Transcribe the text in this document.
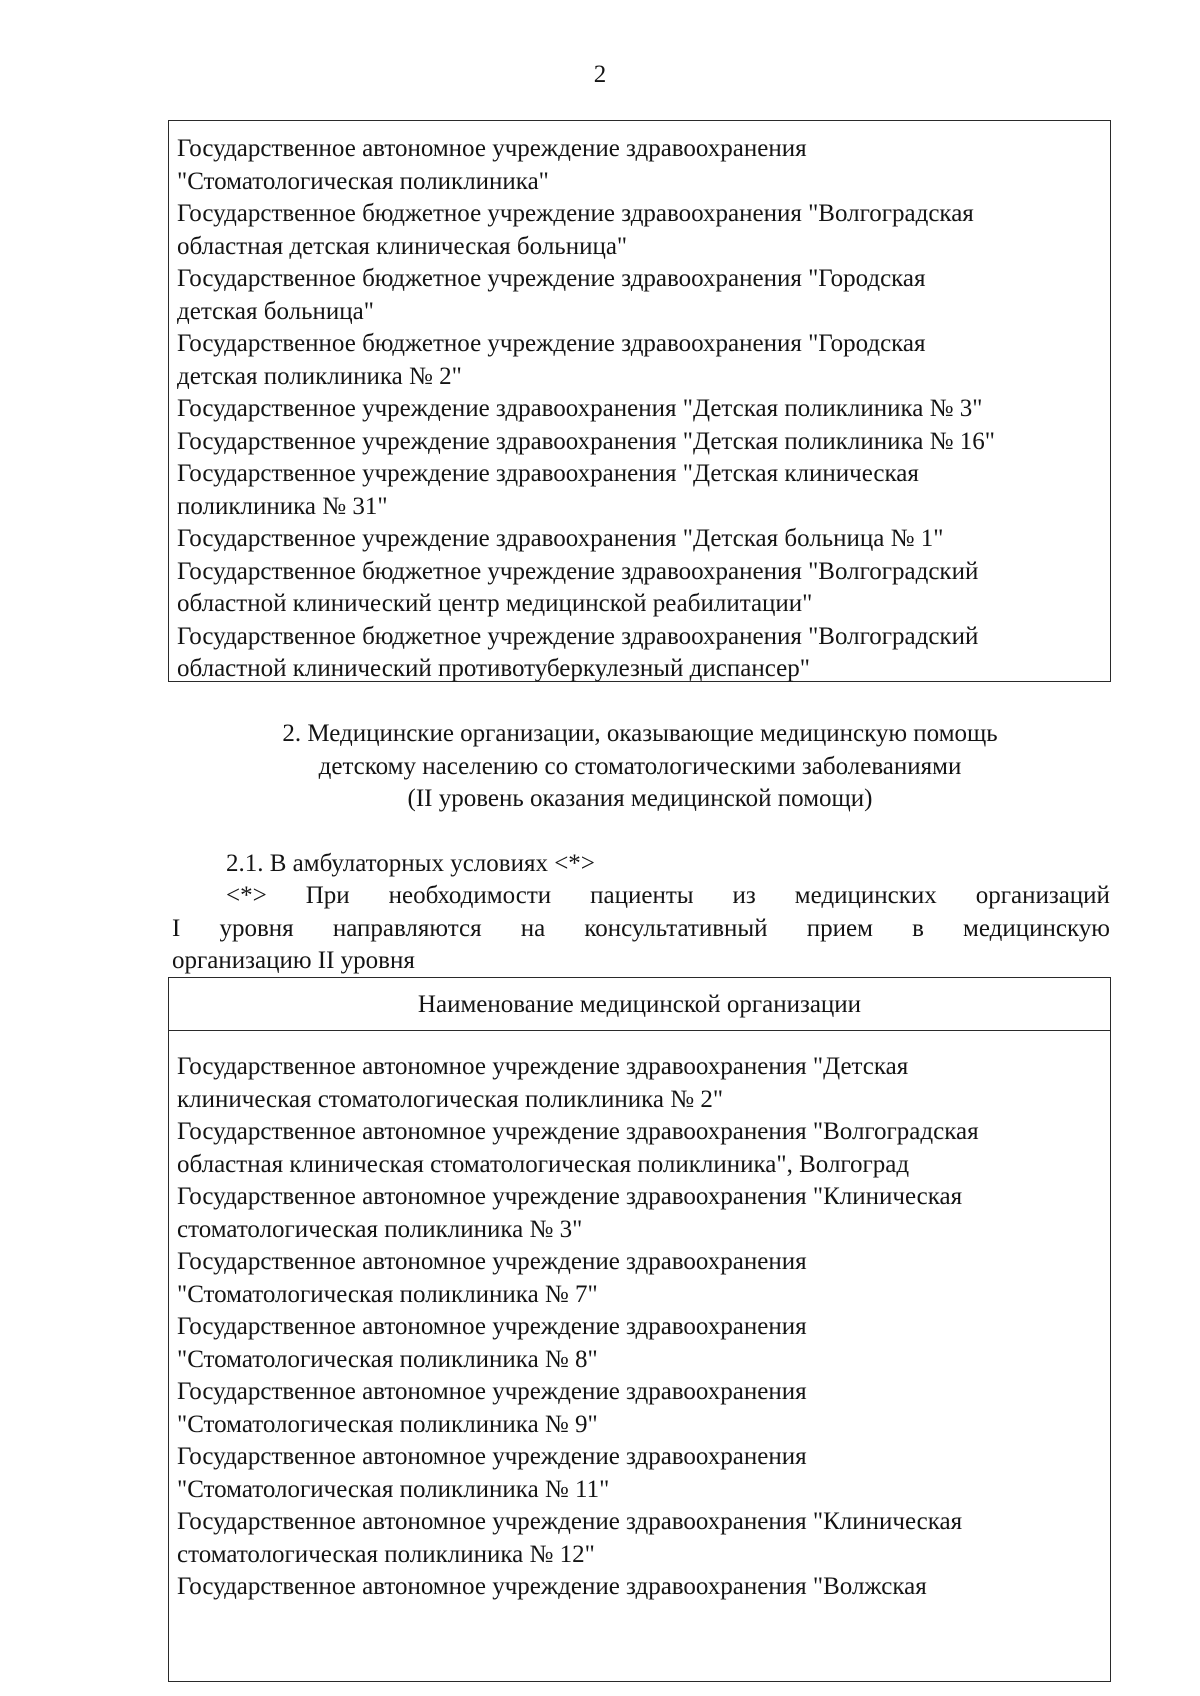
2
Государственное автономное учреждение здравоохранения
"Стоматологическая поликлиника"
Государственное бюджетное учреждение здравоохранения "Волгоградская
областная детская клиническая больница"
Государственное бюджетное учреждение здравоохранения "Городская
детская больница"
Государственное бюджетное учреждение здравоохранения "Городская
детская поликлиника № 2"
Государственное учреждение здравоохранения "Детская поликлиника № 3"
Государственное учреждение здравоохранения "Детская поликлиника № 16"
Государственное учреждение здравоохранения "Детская клиническая
поликлиника № 31"
Государственное учреждение здравоохранения "Детская больница № 1"
Государственное бюджетное учреждение здравоохранения "Волгоградский
областной клинический центр медицинской реабилитации"
Государственное бюджетное учреждение здравоохранения "Волгоградский
областной клинический противотуберкулезный диспансер"
2. Медицинские организации, оказывающие медицинскую помощь
детскому населению со стоматологическими заболеваниями
(II уровень оказания медицинской помощи)
2.1. В амбулаторных условиях <*>
<*> При необходимости пациенты из медицинских организаций
I уровня направляются на консультативный прием в медицинскую
организацию II уровня
Наименование медицинской организации
Государственное автономное учреждение здравоохранения "Детская
клиническая стоматологическая поликлиника № 2"
Государственное автономное учреждение здравоохранения "Волгоградская
областная клиническая стоматологическая поликлиника", Волгоград
Государственное автономное учреждение здравоохранения "Клиническая
стоматологическая поликлиника № 3"
Государственное автономное учреждение здравоохранения
"Стоматологическая поликлиника № 7"
Государственное автономное учреждение здравоохранения
"Стоматологическая поликлиника № 8"
Государственное автономное учреждение здравоохранения
"Стоматологическая поликлиника № 9"
Государственное автономное учреждение здравоохранения
"Стоматологическая поликлиника № 11"
Государственное автономное учреждение здравоохранения "Клиническая
стоматологическая поликлиника № 12"
Государственное автономное учреждение здравоохранения "Волжская
